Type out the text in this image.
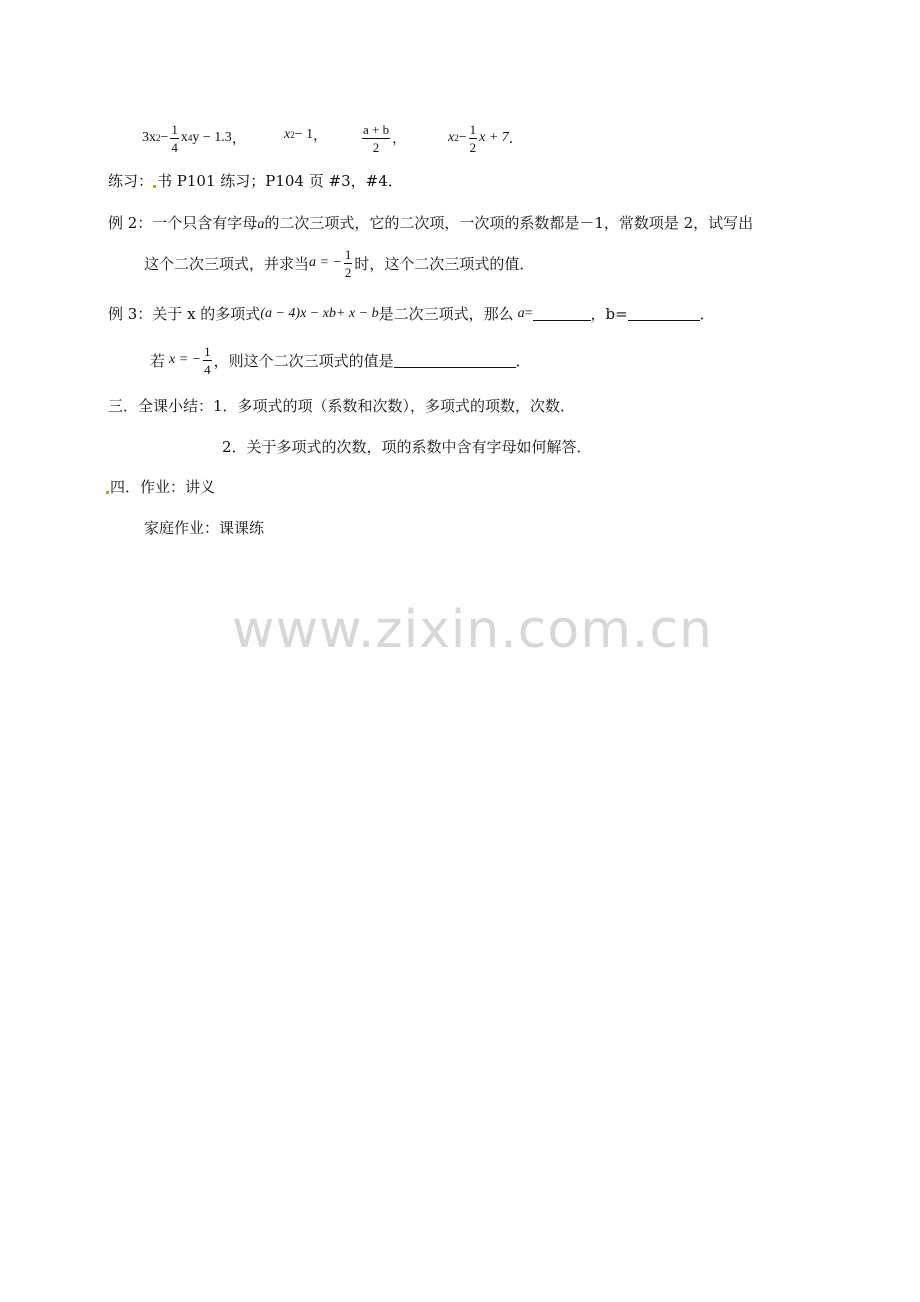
3x $2 - \frac{1}{4}$ x 4 y − 1.3 ，	x 2 − 1 ，	$\frac{a + b}{2}$ ，	x $2 - \frac{1}{2}$ x + 7 ．
练习： 书 P101 练习；P104 页 #3，#4．
例 2：一个只含有字母a的二次三项式，它的二次项，一次项的系数都是－1，常数项是 2，试写出
这个二次三项式，并求当 a = − $\frac{1}{2}$ 时，这个二次三项式的值．
例 3：关于 x 的多项式 (a − 4)x − x b + x − b 是二次三项式，那么 a =	，b=	．
若 x = − $\frac{1}{4}$ ，则这个二次三项式的值是	．
三．全课小结：1．多项式的项（系数和次数），多项式的项数，次数．
2．关于多项式的次数，项的系数中含有字母如何解答．
四．作业：讲义
家庭作业：课课练
www.zixin.com.cn
